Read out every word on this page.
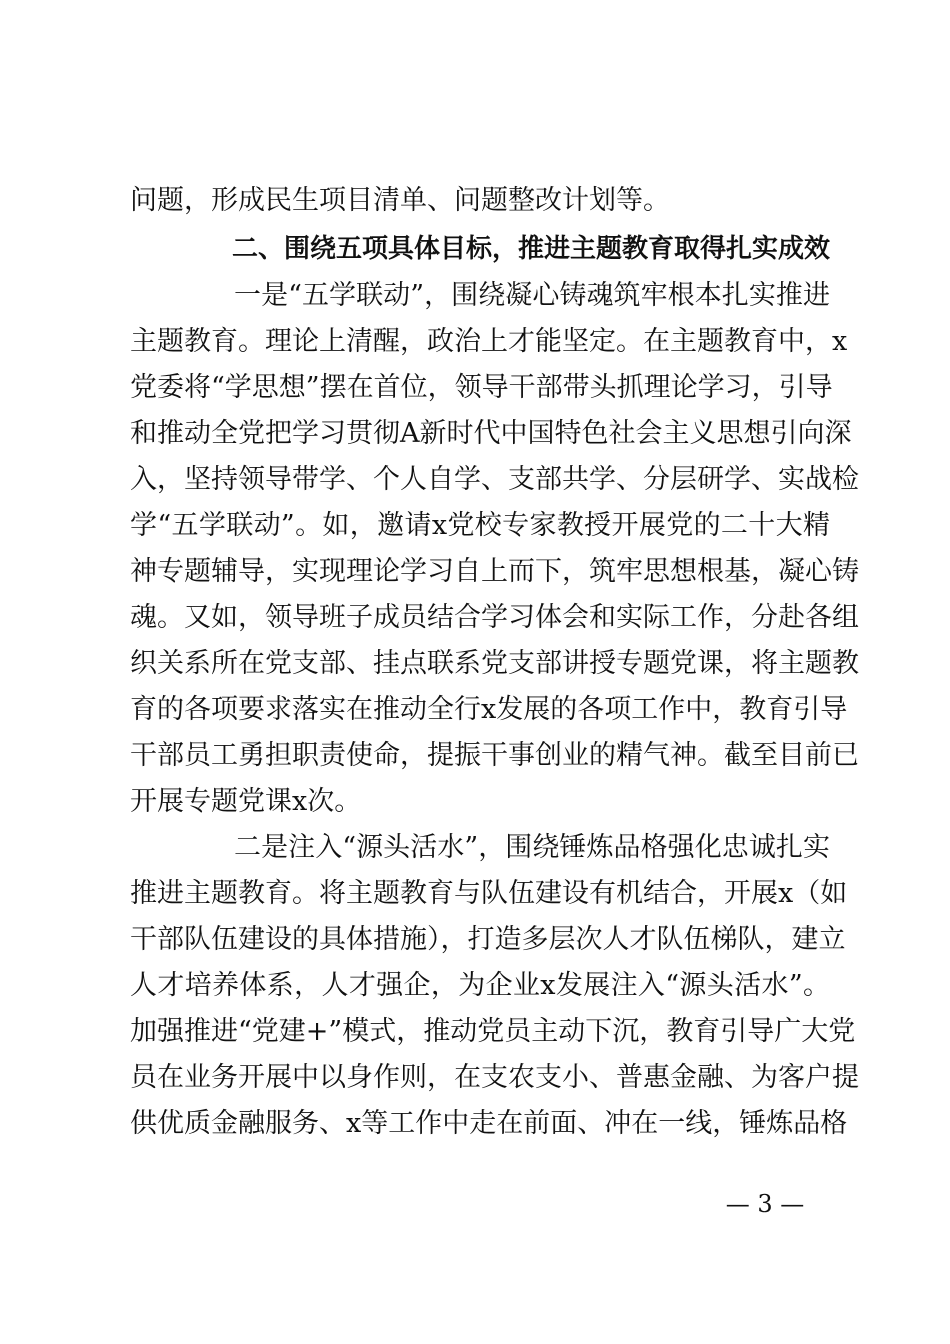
问题，形成民生项目清单、问题整改计划等。
二、围绕五项具体目标，推进主题教育取得扎实成效
一是“五学联动”，围绕凝心铸魂筑牢根本扎实推进
主题教育。理论上清醒，政治上才能坚定。在主题教育中，x
党委将“学思想”摆在首位，领导干部带头抓理论学习，引导
和推动全党把学习贯彻A新时代中国特色社会主义思想引向深
入，坚持领导带学、个人自学、支部共学、分层研学、实战检
学“五学联动”。如，邀请x党校专家教授开展党的二十大精
神专题辅导，实现理论学习自上而下，筑牢思想根基，凝心铸
魂。又如，领导班子成员结合学习体会和实际工作，分赴各组
织关系所在党支部、挂点联系党支部讲授专题党课，将主题教
育的各项要求落实在推动全行x发展的各项工作中，教育引导
干部员工勇担职责使命，提振干事创业的精气神。截至目前已
开展专题党课x次。
二是注入“源头活水”，围绕锤炼品格强化忠诚扎实
推进主题教育。将主题教育与队伍建设有机结合，开展x（如
干部队伍建设的具体措施），打造多层次人才队伍梯队，建立
人才培养体系，人才强企，为企业x发展注入“源头活水”。
加强推进“党建+”模式，推动党员主动下沉，教育引导广大党
员在业务开展中以身作则，在支农支小、普惠金融、为客户提
供优质金融服务、x等工作中走在前面、冲在一线，锤炼品格
— 3 —
